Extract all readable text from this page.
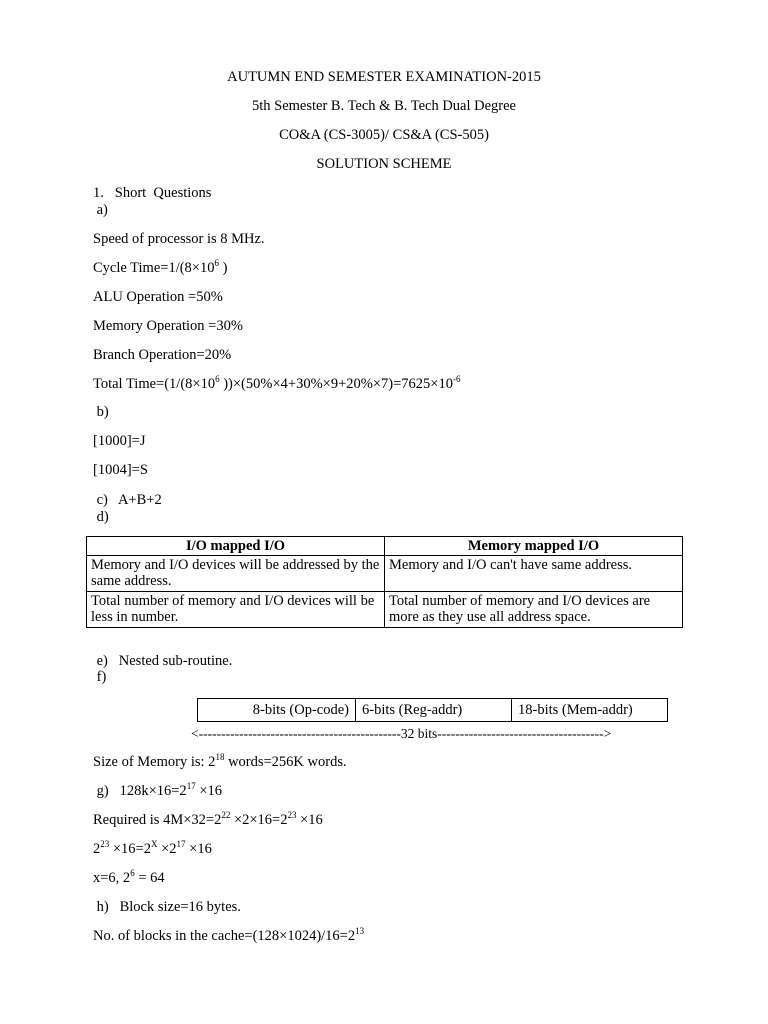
AUTUMN END SEMESTER EXAMINATION-2015
5th Semester B. Tech & B. Tech Dual Degree
CO&A (CS-3005)/ CS&A (CS-505)
SOLUTION SCHEME
1.   Short  Questions
a)
Speed of processor is 8 MHz.
Cycle $Time=1/(8\times 10^6$ )
ALU Operation =50%
Memory Operation =30%
Branch Operation=20%
Total $Time=(1/(8\times 10^6$ ))$\times(50\%\times 4+30\%\times 9+20\%\times 7)=7625\times 10^{-6}$
b)
[1000]=J
[1004]=S
c)   A+B+2
d)
I/O mapped I/O	Memory mapped I/O
Memory and I/O devices will be addressed by the same address.	Memory and I/O can't have same address.
Total number of memory and I/O devices will be less in number.	Total number of memory and I/O devices are more as they use all address space.
e)   Nested sub-routine.
f)
8-bits (Op-code) 6-bits (Reg-addr)	18-bits (Mem-addr)
<---------------------------------------------32 bits------------------------------------->
Size of Memory is: $2^{18}$ words=256K words.
g)   $128k\times 16=2^{17} \times 16$
Required is $4M\times 32=2^{22} \times 2\times 16=2^{23} \times 16$
$2^{23} \times 16=2^X \times 2^{17} \times 16$
x=6, $2^6 = 64$
h)   Block size=16 bytes.
No. of blocks in the $cache=(128\times 1024)/16=2^{13}$
